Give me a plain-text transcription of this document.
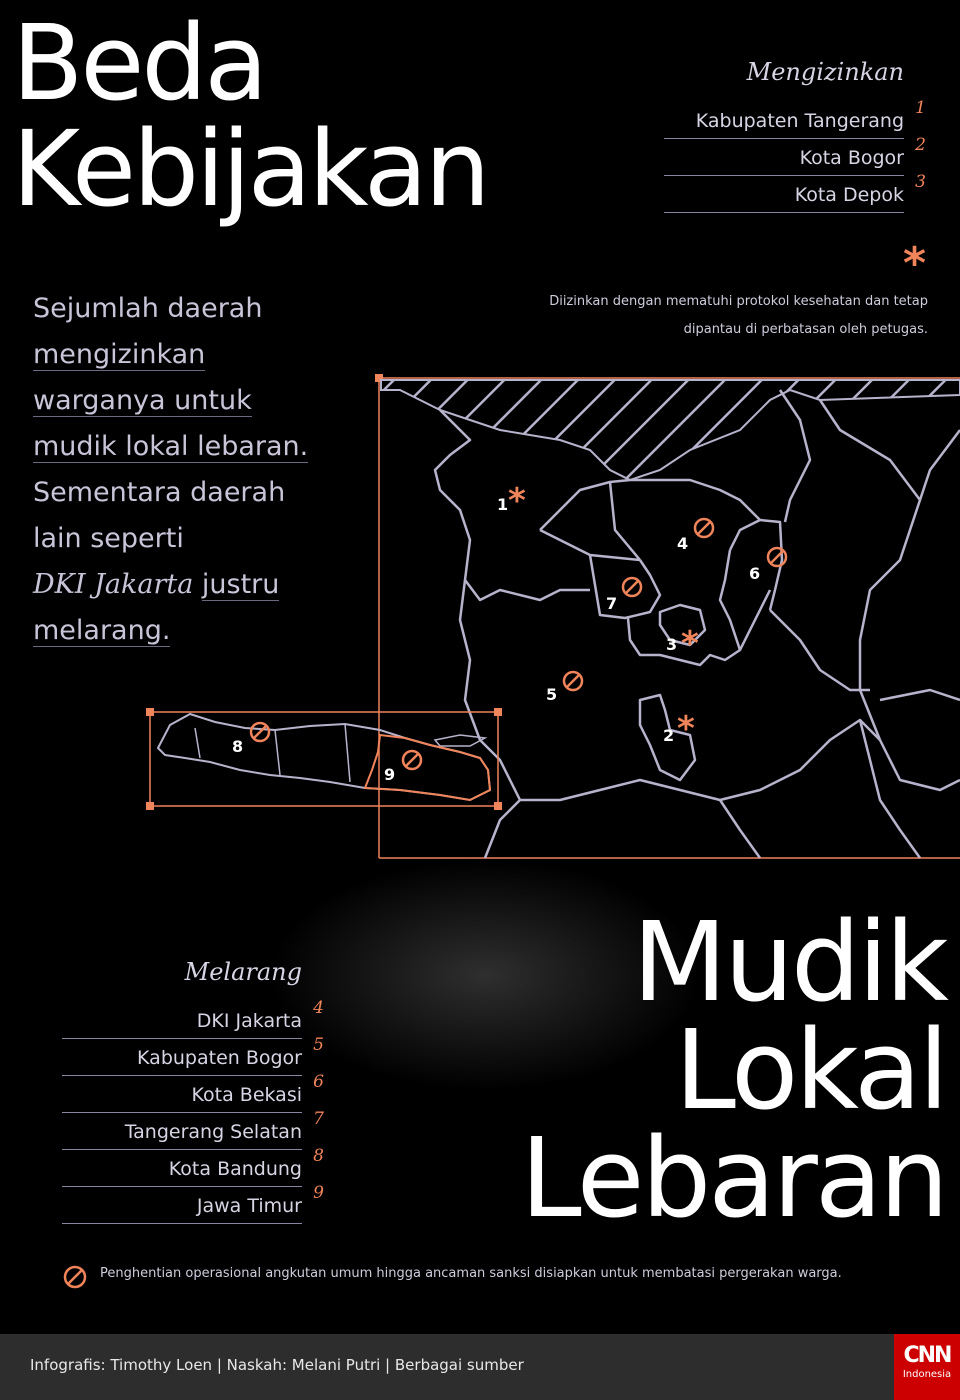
Beda
Kebijakan
Mengizinkan
Kabupaten Tangerang
1
Kota Bogor
2
Kota Depok
3
*
Diizinkan dengan mematuhi protokol kesehatan dan tetap dipantau di perbatasan oleh petugas.
Sejumlah daerah
mengizinkan
warganya untuk
mudik lokal lebaran.
Sementara daerah
lain seperti
DKI Jakarta justru
melarang.
*
*
*
1
2
3
4
5
6
7
8
9
Mudik
Lokal
Lebaran
Melarang
DKI Jakarta
4
Kabupaten Bogor
5
Kota Bekasi
6
Tangerang Selatan
7
Kota Bandung
8
Jawa Timur
9
Penghentian operasional angkutan umum hingga ancaman sanksi disiapkan untuk membatasi pergerakan warga.
Infografis: Timothy Loen | Naskah: Melani Putri | Berbagai sumber	CNN
Indonesia
